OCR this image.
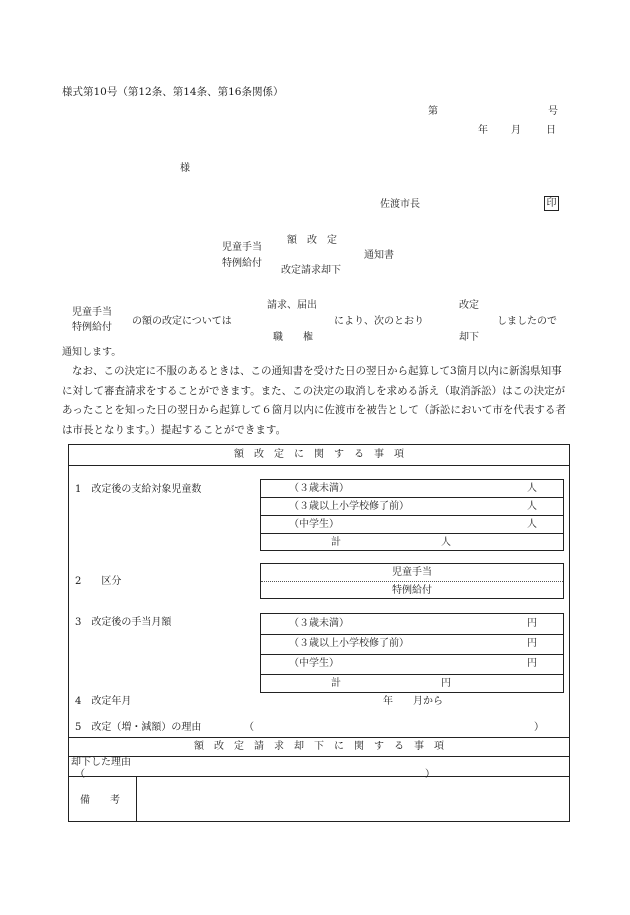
様式第10号（第12条、第14条、第16条関係）
第	号
年 月	日
様
佐渡市長	印
児童手当
特例給付
額　改　定
改定請求却下
通知書
児童手当
特例給付
の額の改定については
請求、届出
職　　権
により、次のとおり
改定
却下
しましたので
通知します。
なお、この決定に不服のあるときは、この通知書を受けた日の翌日から起算して3箇月以内に新潟県知事に対して審査請求をすることができます。また、この決定の取消しを求める訴え（取消訴訟）はこの決定があったことを知った日の翌日から起算して６箇月以内に佐渡市を被告として（訴訟において市を代表する者は市長となります。）提起することができます。
額　改　定　に　関　す　る　事　項
1　改定後の支給対象児童数	（３歳未満）	人
（３歳以上小学校修了前）	人
（中学生）	人
計	人
2　　区分
児童手当
特例給付
3　改定後の手当月額	（３歳未満）	円
（３歳以上小学校修了前）	円
（中学生）	円
計	円
4　改定年月	年 月から
5　改定（増・減額）の理由	（	）
額　改　定　請　求　却　下　に　関　す　る　事　項
却下した理由
（	）
備　　考
